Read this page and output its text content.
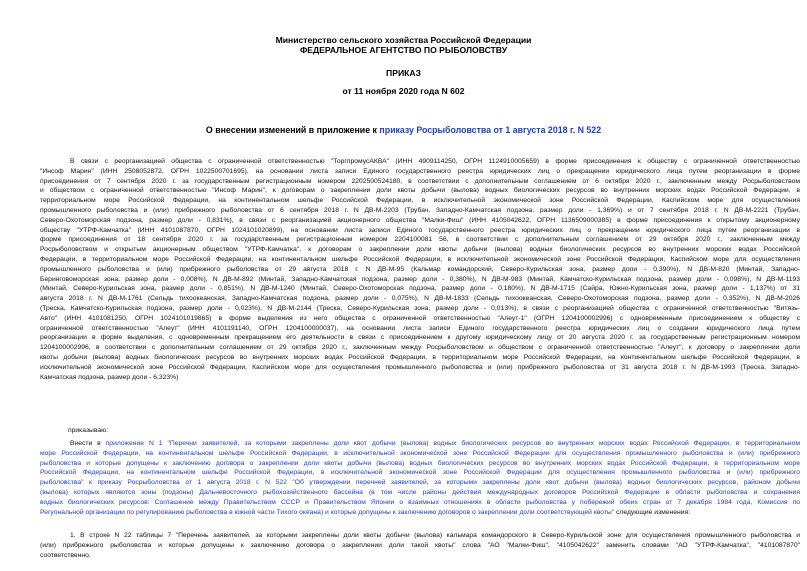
Министерство сельского хозяйства Российской Федерации
ФЕДЕРАЛЬНОЕ АГЕНТСТВО ПО РЫБОЛОВСТВУ
ПРИКАЗ
от 11 ноября 2020 года N 602
О внесении изменений в приложение к приказу Росрыболовства от 1 августа 2018 г. N 522
В связи с реорганизацией общества с ограниченной ответственностью "ТоргпромусАКВА" (ИНН 4909114250, ОГРН 1124910005659) в форме присоединения к обществу с ограниченной ответственностью
"Инсоф Марин" (ИНН 2508052872, ОГРН 1022500701695), на основании листа записи Единого государственного реестра юридических лиц о прекращении юридического лица путем реорганизации в форме
присоединения от 7 сентября 2020 г. за государственным регистрационным номером 2202500524180, в соответствии с дополнительным соглашением от 6 октября 2020 г., заключенным между Росрыболовством
и обществом с ограниченной ответственностью "Инсоф Марин", к договорам о закреплении доли квоты добычи (вылова) водных биологических ресурсов во внутренних морских водах Российской Федерации, в
территориальном море Российской Федерации, на континентальном шельфе Российской Федерации, в исключительной экономической зоне Российской Федерации, Каспийском море для осуществления
промышленного рыболовства и (или) прибрежного рыболовства от 6 сентября 2018 г. N ДВ-М-2203 (Трубач, Западно-Камчатская подзона, размер доли - 1,369%) и от 7 сентября 2018 г. N ДВ-М-2221 (Трубач,
Северо-Охотоморская подзона, размер доли - 0,831%), в связи с реорганизацией акционерного общества "Малки-Фиш" (ИНН 4105042622, ОГРН 1136509000385) в форме присоединения к открытому акционерному
обществу "УТРФ-Камчатка" (ИНН 4101087870, ОГРН 1024101020899), на основании листа записи Единого государственного реестра юридических лиц о прекращении юридического лица путем реорганизации в
форме присоединения от 18 сентября 2020 г. за государственным регистрационным номером 2204100081 56, в соответствии с дополнительным соглашением от 29 октября 2020 г., заключенным между
Росрыболовством и открытым акционерным обществом "УТРФ-Камчатка", к договорам о закреплении доли квоты добычи (вылова) водных биологических ресурсов во внутренних морских водах Российской
Федерации, в территориальном море Российской Федерации, на континентальном шельфе Российской Федерации, в исключительной экономической зоне Российской Федерации, Каспийском море для осуществления
промышленного рыболовства и (или) прибрежного рыболовства от 29 августа 2018 г. N ДВ-М-95 (Кальмар командорский, Северо-Курильская зона, размер доли - 0,390%), N ДВ-М-820 (Минтай, Западно-
Беринговоморская зона, размер доли - 0,008%), N ДВ-М-892 (Минтай, Западно-Камчатская подзона, размер доли - 0,380%), N ДВ-М-983 (Минтай, Камчатско-Курильская подзона, размер доли - 0,098%), N ДВ-М-1193
(Минтай, Северо-Курильская зона, размер доли - 0,851%), N ДВ-М-1240 (Минтай, Северо-Охотоморская подзона, размер доли - 0,180%), N ДВ-М-1715 (Сайра, Южно-Курильская зона, размер доли - 1,137%) от 31
августа 2018 г. N ДВ-М-1761 (Сельдь тихоокеанская, Западно-Камчатская подзона, размер доли - 0,075%), N ДВ-М-1833 (Сельдь тихоокеанская, Северо-Охотоморская подзона, размер доли - 0,352%), N ДВ-М-2026
(Треска, Камчатско-Курильская подзона, размер доли - 0,023%), N ДВ-М-2144 (Треска, Северо-Курильская зона, размер доли - 0,013%), в связи с реорганизацией общества с ограниченной ответственностью "Витязь-
Авто" (ИНН 4101081250, ОГРН 1024101019865) в форме выделения из него общества с ограниченной ответственностью "Алеут-1" (ОГРН 1204100002996) с одновременным присоединением к обществу с
ограниченной ответственностью "Алеут" (ИНН 4101191140, ОГРН 1204100000037), на основании листа записи Единого государственного реестра юридических лиц о создании юридического лица путем
реорганизации в форме выделения, с одновременным прекращением его деятельности в связи с присоединением к другому юридическому лицу от 20 августа 2020 г. за государственным регистрационным номером
1204100002996, в соответствии с дополнительным соглашением от 29 октября 2020 г., заключенным между Росрыболовством и обществом с ограниченной ответственностью "Алеут", к договору о закреплении доли
квоты добычи (вылова) водных биологических ресурсов во внутренних морских водах Российской Федерации, в территориальном море Российской Федерации, на континентальном шельфе Российской Федерации, в
исключительной экономической зоне Российской Федерации, Каспийском море для осуществления промышленного рыболовства и (или) прибрежного рыболовства от 31 августа 2018 г. N ДВ-М-1993 (Треска, Западно-
Камчатская подзона, размер доли - 6,323%)
приказываю:
Внести в приложение N 1 "Перечни заявителей, за которыми закреплены доли квот добычи (вылова) водных биологических ресурсов во внутренних морских водах Российской Федерации, в территориальном
море Российской Федерации, на континентальном шельфе Российской Федерации, в исключительной экономической зоне Российской Федерации для осуществления промышленного рыболовства и (или) прибрежного
рыболовства и которые допущены к заключению договора о закреплении доли квоты добычи (вылова) водных биологических ресурсов во внутренних морских водах Российской Федерации, в территориальном море
Российской Федерации, на континентальном шельфе Российской Федерации, в исключительной экономической зоне Российской Федерации для осуществления промышленного рыболовства и (или) прибрежного
рыболовства" к приказу Росрыболовства от 1 августа 2018 г. N 522 "Об утверждении перечней заявителей, за которыми закреплены доли квот добычи (вылова) водных биологических ресурсов, районом добычи
(вылова) которых являются зоны (подзоны) Дальневосточного рыбохозяйственного бассейна (в том числе районы действия международных договоров Российской Федерации в области рыболовства и сохранения
водных биологических ресурсов: Соглашение между Правительством СССР и Правительством Японии о взаимных отношениях в области рыболовства у побережий обеих стран от 7 декабря 1984 года, Комиссия по
Регуональной организации по регулированию рыболовства в южной части Тихого океана) и которые допущены к заключению договоров о закреплении доли соответствующей квоты" следующие изменения:
1. В строке N 22 таблицы 7 "Перечень заявителей, за которыми закреплены доли квоты добычи (вылова) кальмара командорского в Северо-Курильской зоне для осуществления промышленного рыболовства и
(или) прибрежного рыболовства и которые допущены к заключению договора о закреплении доли такой квоты" слова "АО "Малки-Фиш", "4105042622" заменить словами "АО "УТРФ-Камчатка", "4101087870"
соответственно.
